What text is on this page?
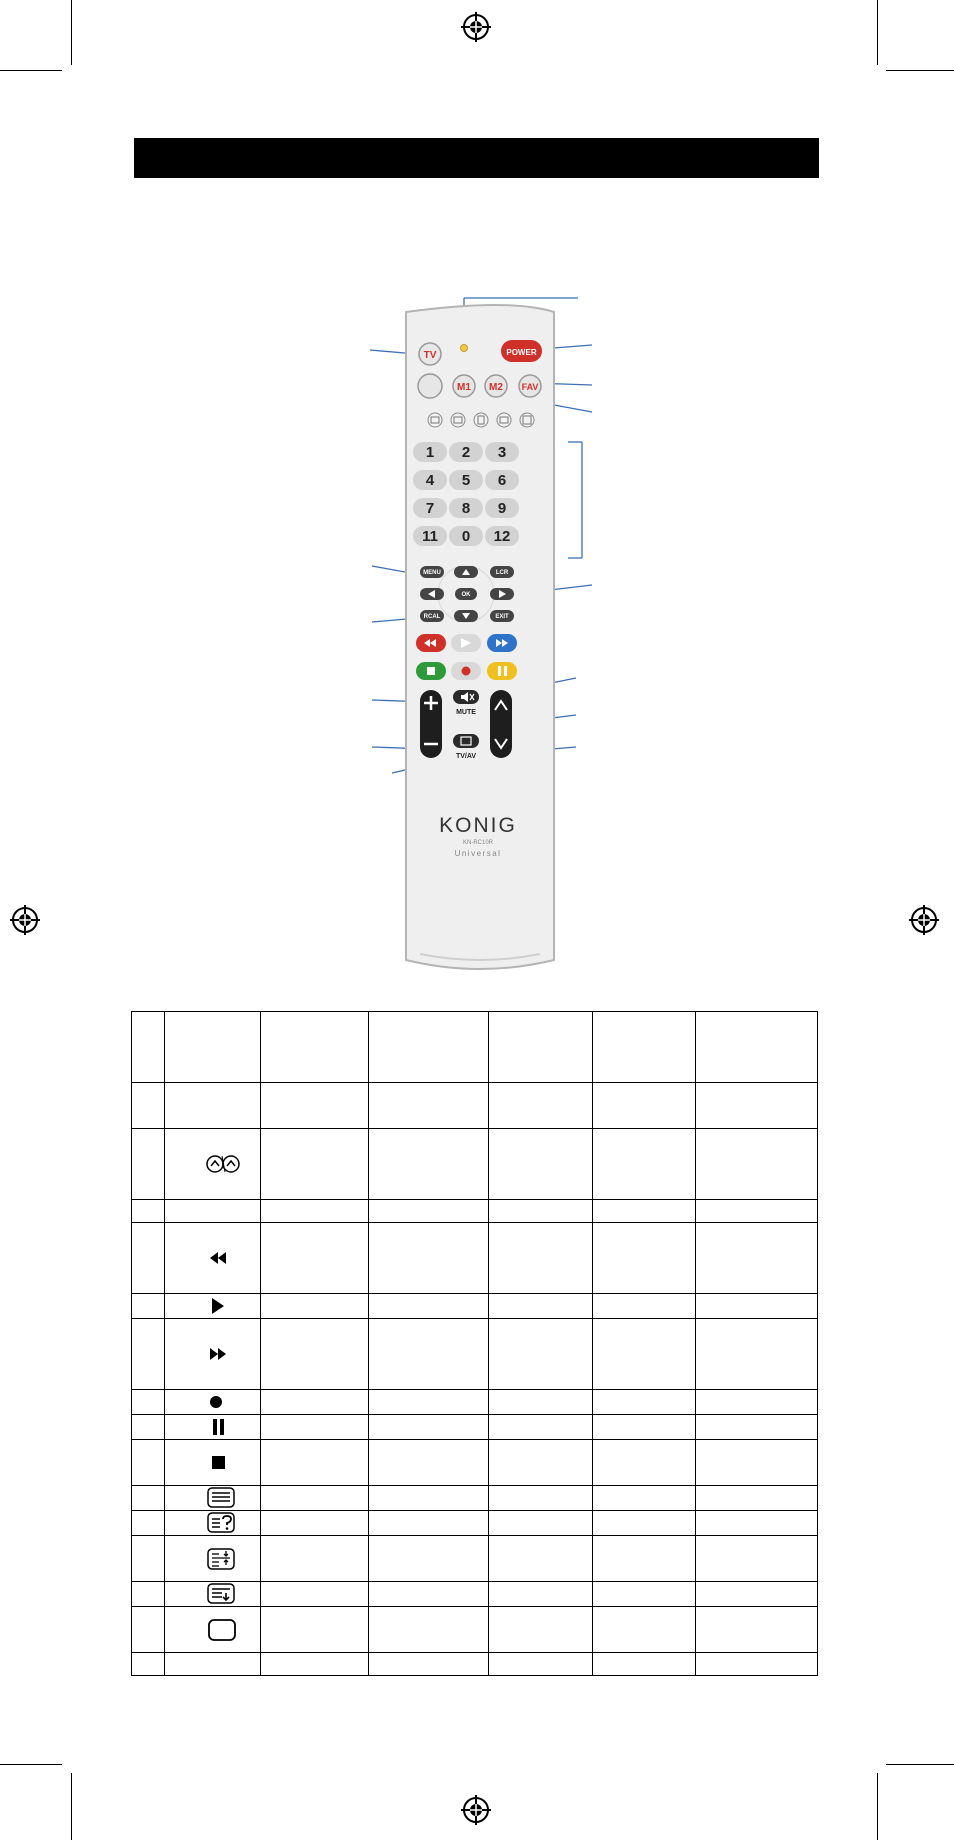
TV	POWER
M1 M2 FAV
1 2 3
4 5 6
7 8 9
11 0 12
MENU	LCR
OK
RCAL	EXIT
MUTE
TV/AV
KONIG
KN-RC10R
Universal
